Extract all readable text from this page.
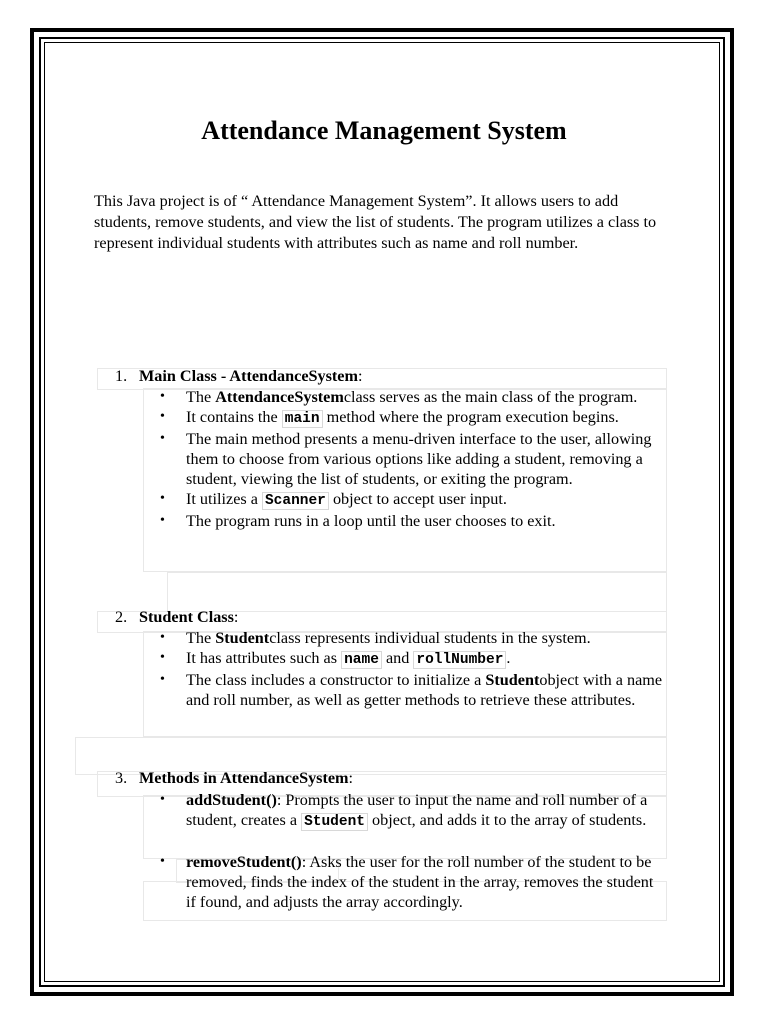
Attendance Management System
This Java project is of “ Attendance Management System”. It allows users to add students, remove students, and view the list of students. The program utilizes a class to represent individual students with attributes such as name and roll number.
1. Main Class - AttendanceSystem:
• The AttendanceSystemclass serves as the main class of the program.
• It contains the main method where the program execution begins.
• The main method presents a menu-driven interface to the user, allowing them to choose from various options like adding a student, removing a student, viewing the list of students, or exiting the program.
• It utilizes a Scanner object to accept user input.
• The program runs in a loop until the user chooses to exit.
2. Student Class:
• The Studentclass represents individual students in the system.
• It has attributes such as name and rollNumber .
• The class includes a constructor to initialize a Studentobject with a name and roll number, as well as getter methods to retrieve these attributes.
3. Methods in AttendanceSystem:
• addStudent(): Prompts the user to input the name and roll number of a student, creates a Student object, and adds it to the array of students.
• removeStudent(): Asks the user for the roll number of the student to be removed, finds the index of the student in the array, removes the student if found, and adjusts the array accordingly.
